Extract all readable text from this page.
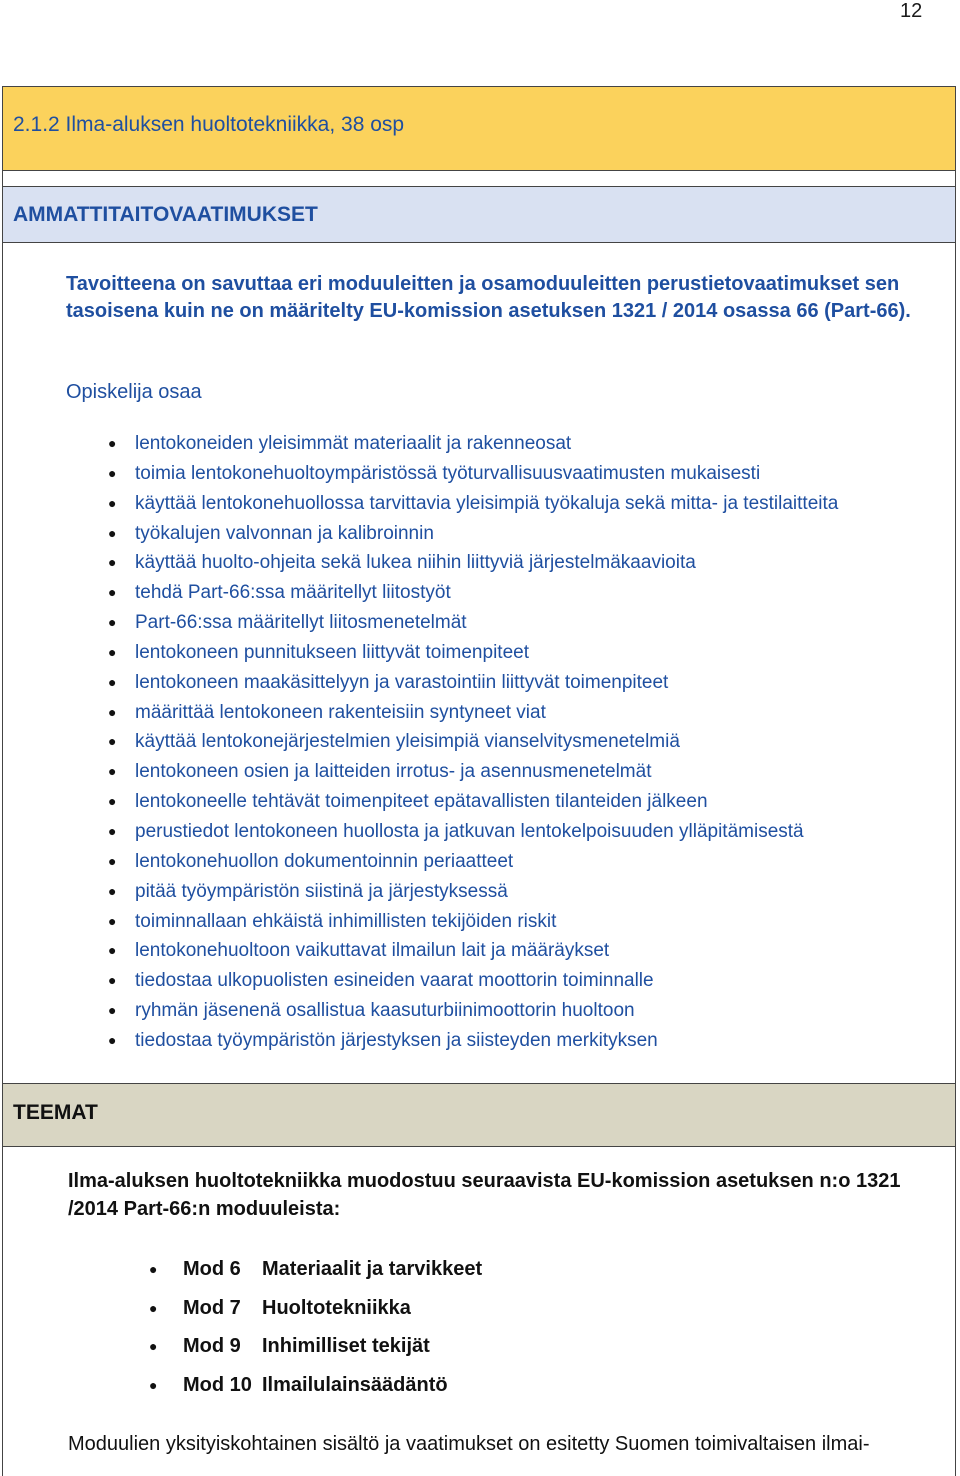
12
2.1.2 Ilma-aluksen huoltotekniikka, 38 osp
AMMATTITAITOVAATIMUKSET
Tavoitteena on savuttaa eri moduuleitten ja osamoduuleitten perustietovaatimukset sen tasoisena kuin ne on määritelty EU-komission asetuksen 1321 / 2014 osassa 66 (Part-66).
Opiskelija osaa
● lentokoneiden yleisimmät materiaalit ja rakenneosat
● toimia lentokonehuoltoympäristössä työturvallisuusvaatimusten mukaisesti
● käyttää lentokonehuollossa tarvittavia yleisimpiä työkaluja sekä mitta- ja testilaitteita
● työkalujen valvonnan ja kalibroinnin
● käyttää huolto-ohjeita sekä lukea niihin liittyviä järjestelmäkaavioita
● tehdä Part-66:ssa määritellyt liitostyöt
● Part-66:ssa määritellyt liitosmenetelmät
● lentokoneen punnitukseen liittyvät toimenpiteet
● lentokoneen maakäsittelyyn ja varastointiin liittyvät toimenpiteet
● määrittää lentokoneen rakenteisiin syntyneet viat
● käyttää lentokonejärjestelmien yleisimpiä vianselvitysmenetelmiä
● lentokoneen osien ja laitteiden irrotus- ja asennusmenetelmät
● lentokoneelle tehtävät toimenpiteet epätavallisten tilanteiden jälkeen
● perustiedot lentokoneen huollosta ja jatkuvan lentokelpoisuuden ylläpitämisestä
● lentokonehuollon dokumentoinnin periaatteet
● pitää työympäristön siistinä ja järjestyksessä
● toiminnallaan ehkäistä inhimillisten tekijöiden riskit
● lentokonehuoltoon vaikuttavat ilmailun lait ja määräykset
● tiedostaa ulkopuolisten esineiden vaarat moottorin toiminnalle
● ryhmän jäsenenä osallistua kaasuturbiinimoottorin huoltoon
● tiedostaa työympäristön järjestyksen ja siisteyden merkityksen
TEEMAT
Ilma-aluksen huoltotekniikka muodostuu seuraavista EU-komission asetuksen n:o 1321 /2014 Part-66:n moduuleista:
● Mod 6 Materiaalit ja tarvikkeet
● Mod 7 Huoltotekniikka
● Mod 9 Inhimilliset tekijät
● Mod 10 Ilmailulainsäädäntö
Moduulien yksityiskohtainen sisältö ja vaatimukset on esitetty Suomen toimivaltaisen ilmai-
